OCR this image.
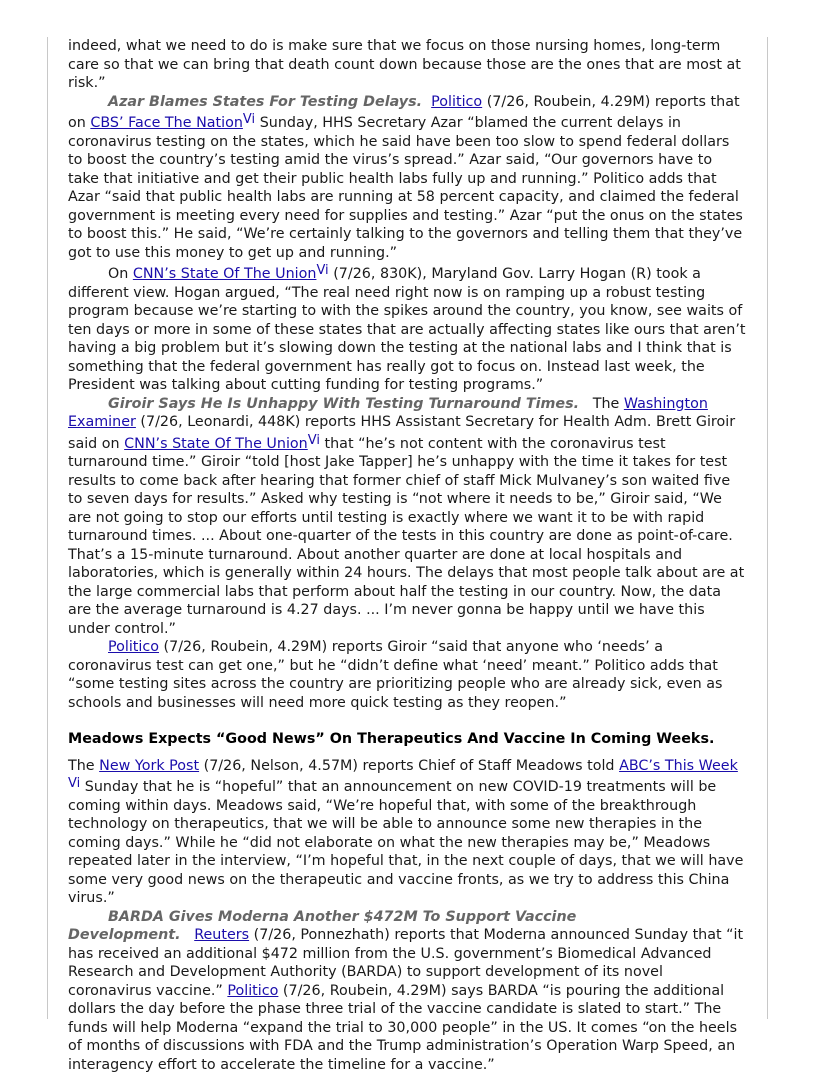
indeed, what we need to do is make sure that we focus on those nursing homes, long-term care so that we can bring that death count down because those are the ones that are most at risk.”

Azar Blames States For Testing Delays. Politico (7/26, Roubein, 4.29M) reports that on CBS’ Face The NationVi Sunday, HHS Secretary Azar “blamed the current delays in coronavirus testing on the states, which he said have been too slow to spend federal dollars to boost the country’s testing amid the virus’s spread.” Azar said, “Our governors have to take that initiative and get their public health labs fully up and running.” Politico adds that Azar “said that public health labs are running at 58 percent capacity, and claimed the federal government is meeting every need for supplies and testing.” Azar “put the onus on the states to boost this.” He said, “We’re certainly talking to the governors and telling them that they’ve got to use this money to get up and running.”

On CNN’s State Of The UnionVi (7/26, 830K), Maryland Gov. Larry Hogan (R) took a different view. Hogan argued, “The real need right now is on ramping up a robust testing program because we’re starting to with the spikes around the country, you know, see waits of ten days or more in some of these states that are actually affecting states like ours that aren’t having a big problem but it’s slowing down the testing at the national labs and I think that is something that the federal government has really got to focus on. Instead last week, the President was talking about cutting funding for testing programs.”

Giroir Says He Is Unhappy With Testing Turnaround Times. The Washington Examiner (7/26, Leonardi, 448K) reports HHS Assistant Secretary for Health Adm. Brett Giroir said on CNN’s State Of The UnionVi that “he’s not content with the coronavirus test turnaround time.” Giroir “told [host Jake Tapper] he’s unhappy with the time it takes for test results to come back after hearing that former chief of staff Mick Mulvaney’s son waited five to seven days for results.” Asked why testing is “not where it needs to be,” Giroir said, “We are not going to stop our efforts until testing is exactly where we want it to be with rapid turnaround times. ... About one-quarter of the tests in this country are done as point-of-care. That’s a 15-minute turnaround. About another quarter are done at local hospitals and laboratories, which is generally within 24 hours. The delays that most people talk about are at the large commercial labs that perform about half the testing in our country. Now, the data are the average turnaround is 4.27 days. ... I’m never gonna be happy until we have this under control.”

Politico (7/26, Roubein, 4.29M) reports Giroir “said that anyone who ‘needs’ a coronavirus test can get one,” but he “didn’t define what ‘need’ meant.” Politico adds that “some testing sites across the country are prioritizing people who are already sick, even as schools and businesses will need more quick testing as they reopen.”

Meadows Expects “Good News” On Therapeutics And Vaccine In Coming Weeks.

The New York Post (7/26, Nelson, 4.57M) reports Chief of Staff Meadows told ABC’s This Week Vi Sunday that he is “hopeful” that an announcement on new COVID-19 treatments will be coming within days. Meadows said, “We’re hopeful that, with some of the breakthrough technology on therapeutics, that we will be able to announce some new therapies in the coming days.” While he “did not elaborate on what the new therapies may be,” Meadows repeated later in the interview, “I’m hopeful that, in the next couple of days, that we will have some very good news on the therapeutic and vaccine fronts, as we try to address this China virus.”

BARDA Gives Moderna Another $472M To Support Vaccine Development. Reuters (7/26, Ponnezhath) reports that Moderna announced Sunday that “it has received an additional $472 million from the U.S. government’s Biomedical Advanced Research and Development Authority (BARDA) to support development of its novel coronavirus vaccine.” Politico (7/26, Roubein, 4.29M) says BARDA “is pouring the additional dollars the day before the phase three trial of the vaccine candidate is slated to start.” The funds will help Moderna “expand the trial to 30,000 people” in the US. It comes “on the heels of months of discussions with FDA and the Trump administration’s Operation Warp Speed, an interagency effort to accelerate the timeline for a vaccine.”
